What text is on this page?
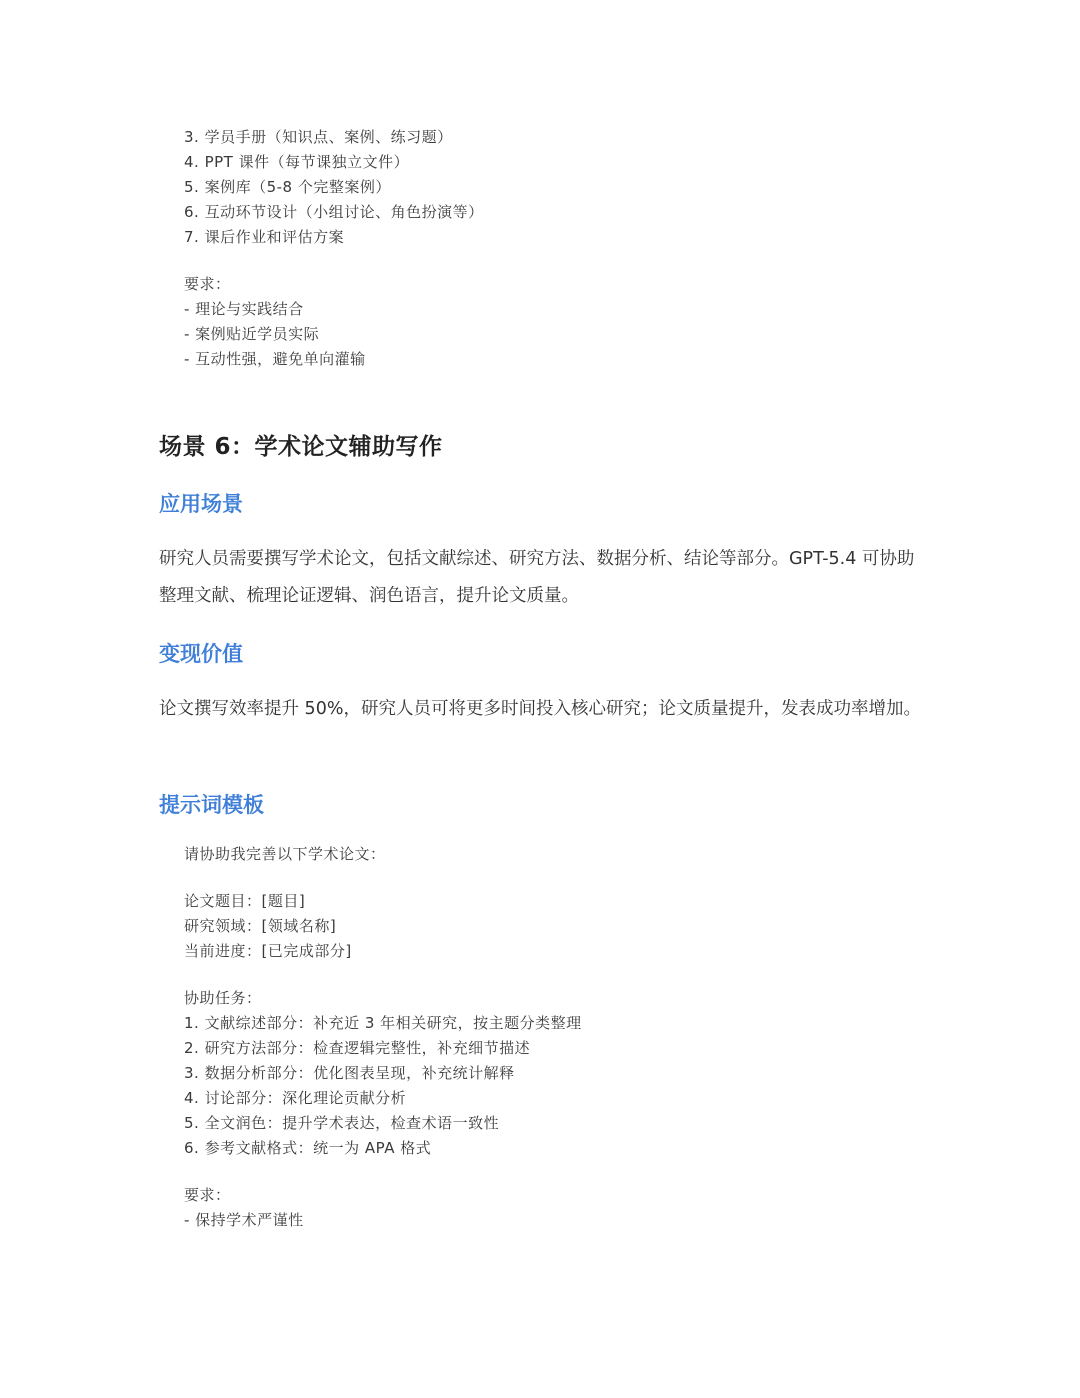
3. 学员手册（知识点、案例、练习题）
4. PPT 课件（每节课独立文件）
5. 案例库（5-8 个完整案例）
6. 互动环节设计（小组讨论、角色扮演等）
7. 课后作业和评估方案
要求：
- 理论与实践结合
- 案例贴近学员实际
- 互动性强，避免单向灌输
场景 6：学术论文辅助写作
应用场景

研究人员需要撰写学术论文，包括文献综述、研究方法、数据分析、结论等部分。GPT-5.4 可协助整理文献、梳理论证逻辑、润色语言，提升论文质量。

变现价值

论文撰写效率提升 50%，研究人员可将更多时间投入核心研究；论文质量提升，发表成功率增加。

提示词模板
请协助我完善以下学术论文：
论文题目：[题目]
研究领域：[领域名称]
当前进度：[已完成部分]
协助任务：
1. 文献综述部分：补充近 3 年相关研究，按主题分类整理
2. 研究方法部分：检查逻辑完整性，补充细节描述
3. 数据分析部分：优化图表呈现，补充统计解释
4. 讨论部分：深化理论贡献分析
5. 全文润色：提升学术表达，检查术语一致性
6. 参考文献格式：统一为 APA 格式
要求：
- 保持学术严谨性
